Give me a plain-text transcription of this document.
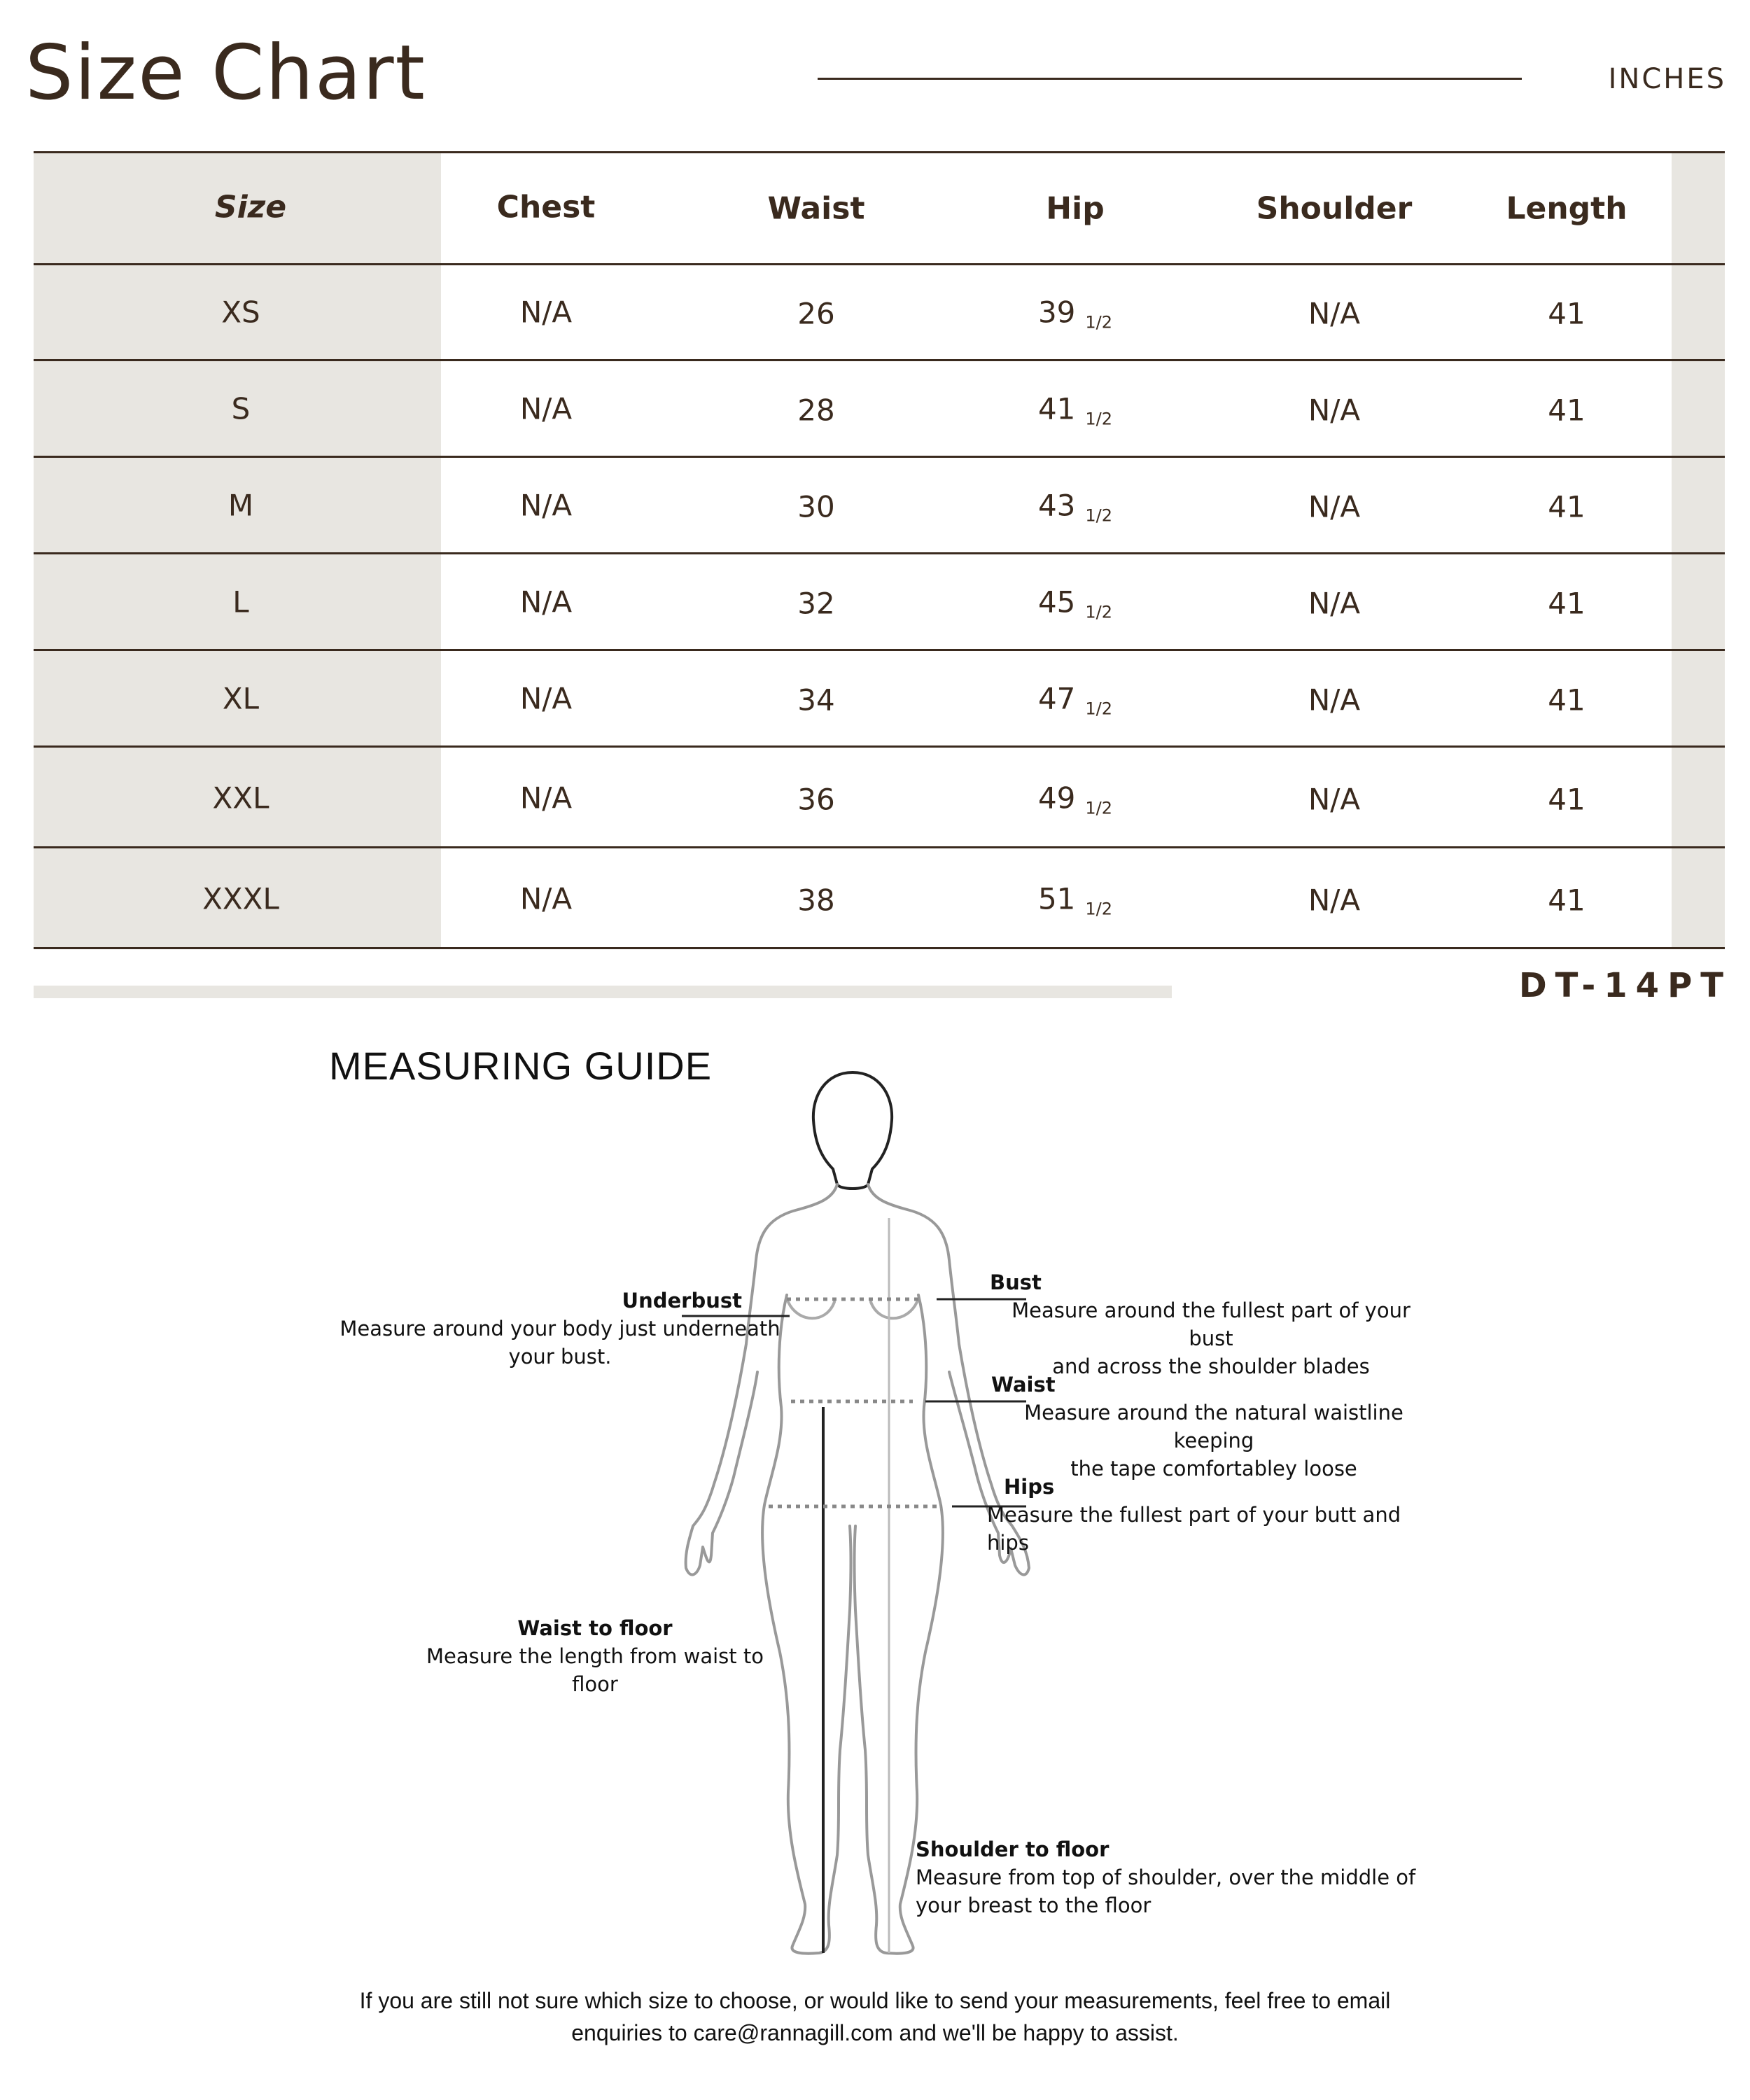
Size Chart	INCHES
Size	Chest	Waist	Hip	Shoulder	Length
XS	N/A	26	39 1/2	N/A	41
S	N/A	28	41 1/2	N/A	41
M	N/A	30	43 1/2	N/A	41
L	N/A	32	45 1/2	N/A	41
XL	N/A	34	47 1/2	N/A	41
XXL	N/A	36	49 1/2	N/A	41
XXXL	N/A	38	51 1/2	N/A	41
DT-14PT
MEASURING GUIDE
Underbust
Measure around your body just underneath
your bust.
Bust
Measure around the fullest part of your bust
and across the shoulder blades
Waist
Measure around the natural waistline keeping
the tape comfortabley loose
Hips
Measure the fullest part of your butt and hips
Waist to floor
Measure the length from waist to floor
Shoulder to floor
Measure from top of shoulder, over the middle of
your breast to the floor
If you are still not sure which size to choose, or would like to send your measurements, feel free to email
enquiries to care@rannagill.com and we'll be happy to assist.
